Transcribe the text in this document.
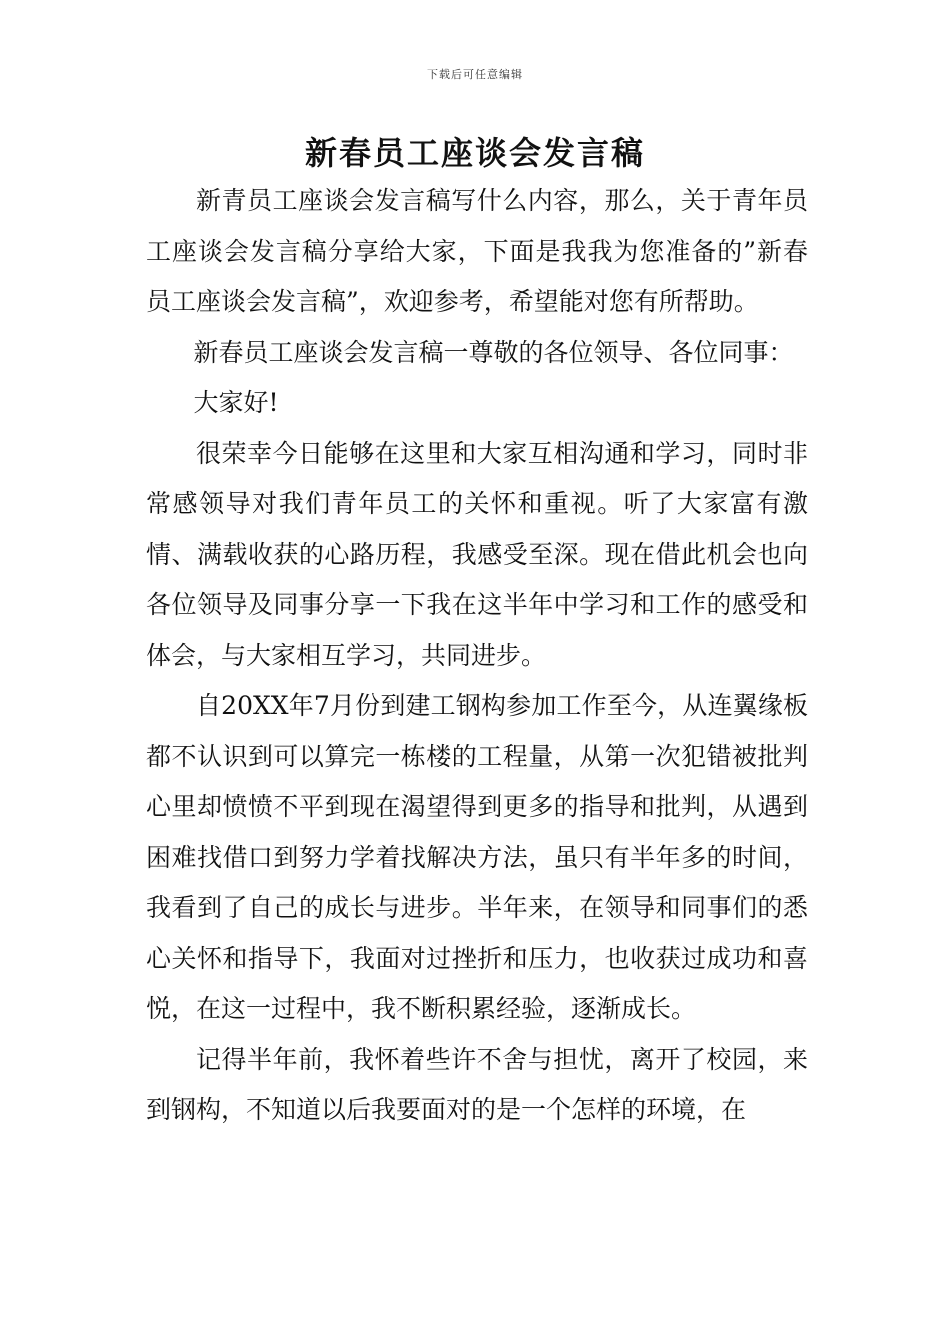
下载后可任意编辑
新春员工座谈会发言稿

新青员工座谈会发言稿写什么内容，那么，关于青年员工座谈会发言稿分享给大家，下面是我我为您准备的”新春员工座谈会发言稿”，欢迎参考，希望能对您有所帮助。

新春员工座谈会发言稿一尊敬的各位领导、各位同事：

大家好!

很荣幸今日能够在这里和大家互相沟通和学习，同时非常感领导对我们青年员工的关怀和重视。听了大家富有激情、满载收获的心路历程，我感受至深。现在借此机会也向各位领导及同事分享一下我在这半年中学习和工作的感受和体会，与大家相互学习，共同进步。

自20XX年7月份到建工钢构参加工作至今，从连翼缘板都不认识到可以算完一栋楼的工程量，从第一次犯错被批判心里却愤愤不平到现在渴望得到更多的指导和批判，从遇到困难找借口到努力学着找解决方法，虽只有半年多的时间，我看到了自己的成长与进步。半年来，在领导和同事们的悉心关怀和指导下，我面对过挫折和压力，也收获过成功和喜悦，在这一过程中，我不断积累经验，逐渐成长。

记得半年前，我怀着些许不舍与担忧，离开了校园，来到钢构，不知道以后我要面对的是一个怎样的环境，在
